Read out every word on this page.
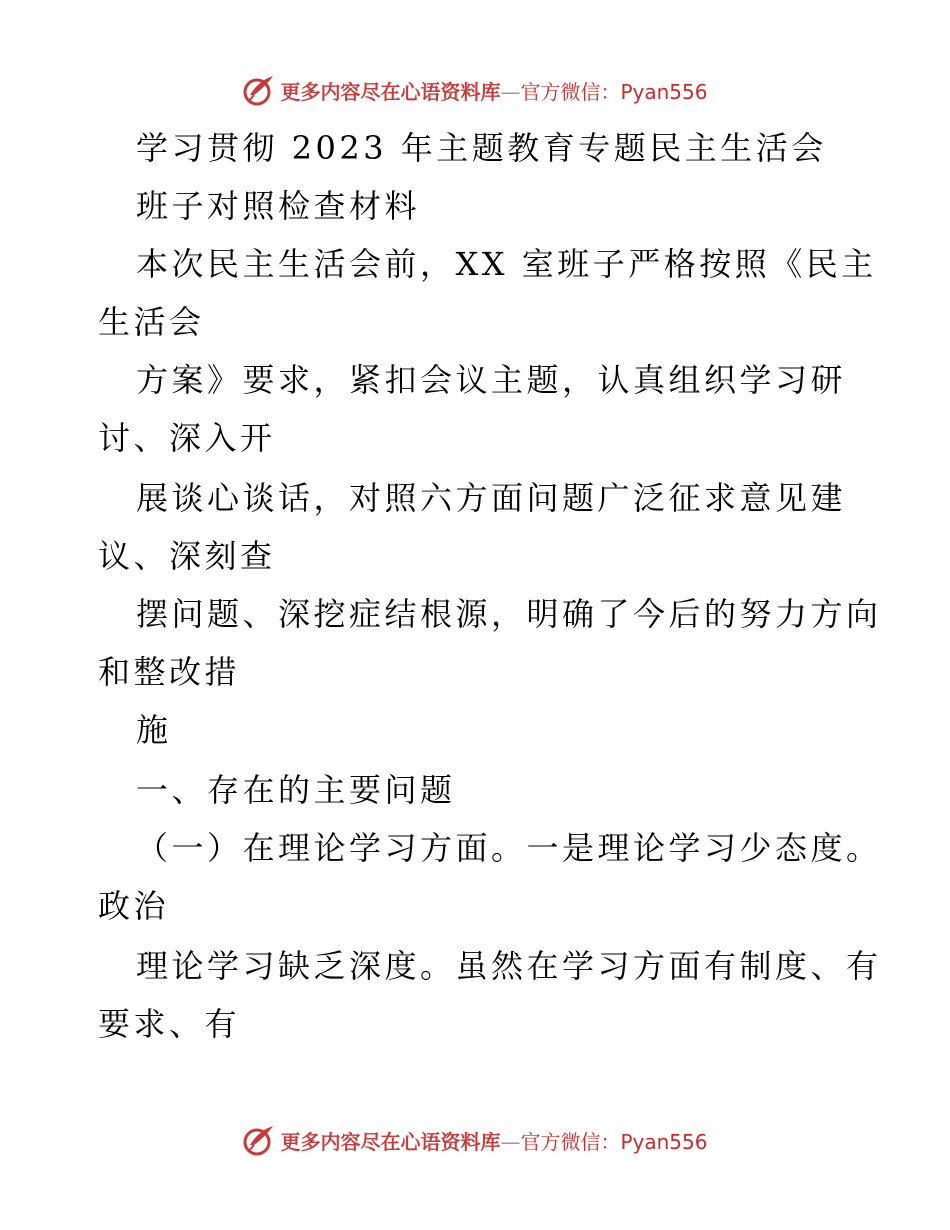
更多内容尽在心语资料库—官方微信：Pyan556
学习贯彻 2023 年主题教育专题民主生活会
班子对照检查材料
本次民主生活会前，XX 室班子严格按照《民主
生活会
方案》要求，紧扣会议主题，认真组织学习研
讨、深入开
展谈心谈话，对照六方面问题广泛征求意见建
议、深刻查
摆问题、深挖症结根源，明确了今后的努力方向
和整改措
施
一、存在的主要问题
（一）在理论学习方面。一是理论学习少态度。
政治
理论学习缺乏深度。虽然在学习方面有制度、有
要求、有
更多内容尽在心语资料库—官方微信：Pyan556
